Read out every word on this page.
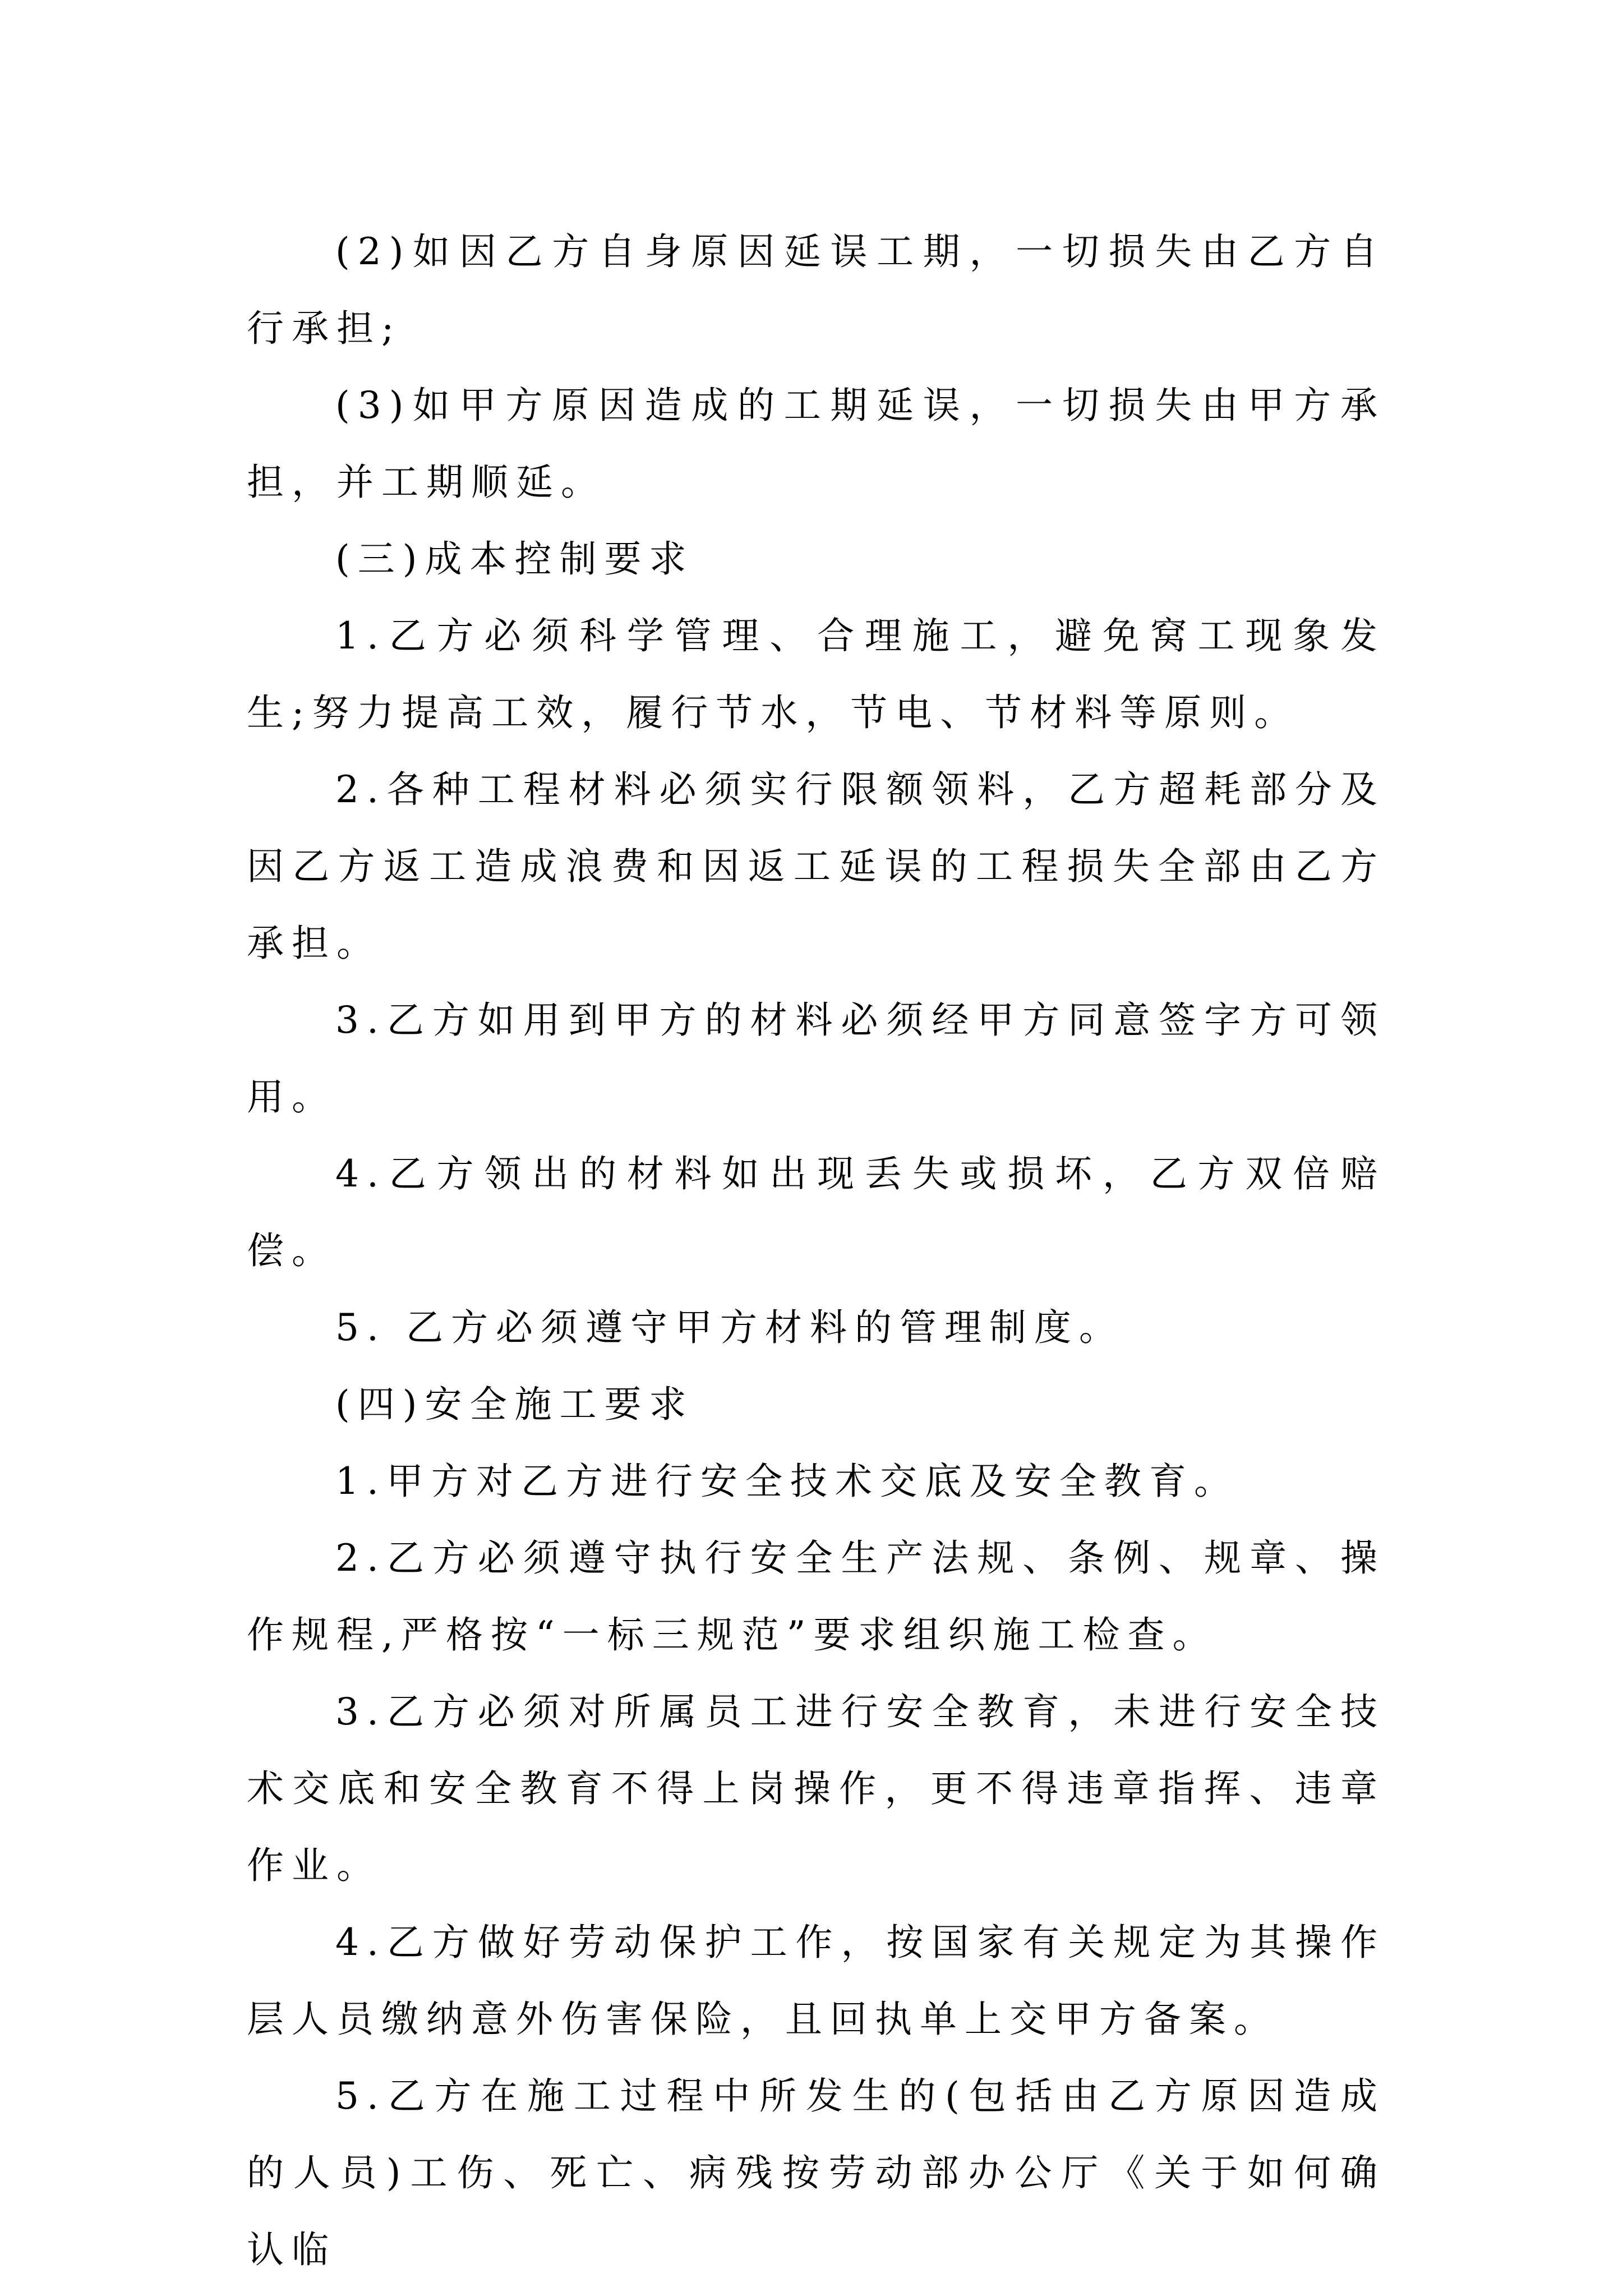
(2)如因乙方自身原因延误工期，一切损失由乙方自行承担;

(3)如甲方原因造成的工期延误，一切损失由甲方承担，并工期顺延。

(三)成本控制要求

1.乙方必须科学管理、合理施工，避免窝工现象发生;努力提高工效，履行节水，节电、节材料等原则。

2.各种工程材料必须实行限额领料，乙方超耗部分及因乙方返工造成浪费和因返工延误的工程损失全部由乙方承担。

3.乙方如用到甲方的材料必须经甲方同意签字方可领用。

4.乙方领出的材料如出现丢失或损坏，乙方双倍赔偿。

5. 乙方必须遵守甲方材料的管理制度。

(四)安全施工要求

1.甲方对乙方进行安全技术交底及安全教育。

2.乙方必须遵守执行安全生产法规、条例、规章、操作规程,严格按“一标三规范”要求组织施工检查。

3.乙方必须对所属员工进行安全教育，未进行安全技术交底和安全教育不得上岗操作，更不得违章指挥、违章作业。

4.乙方做好劳动保护工作，按国家有关规定为其操作层人员缴纳意外伤害保险，且回执单上交甲方备案。

5.乙方在施工过程中所发生的(包括由乙方原因造成的人员)工伤、死亡、病残按劳动部办公厅《关于如何确认临
